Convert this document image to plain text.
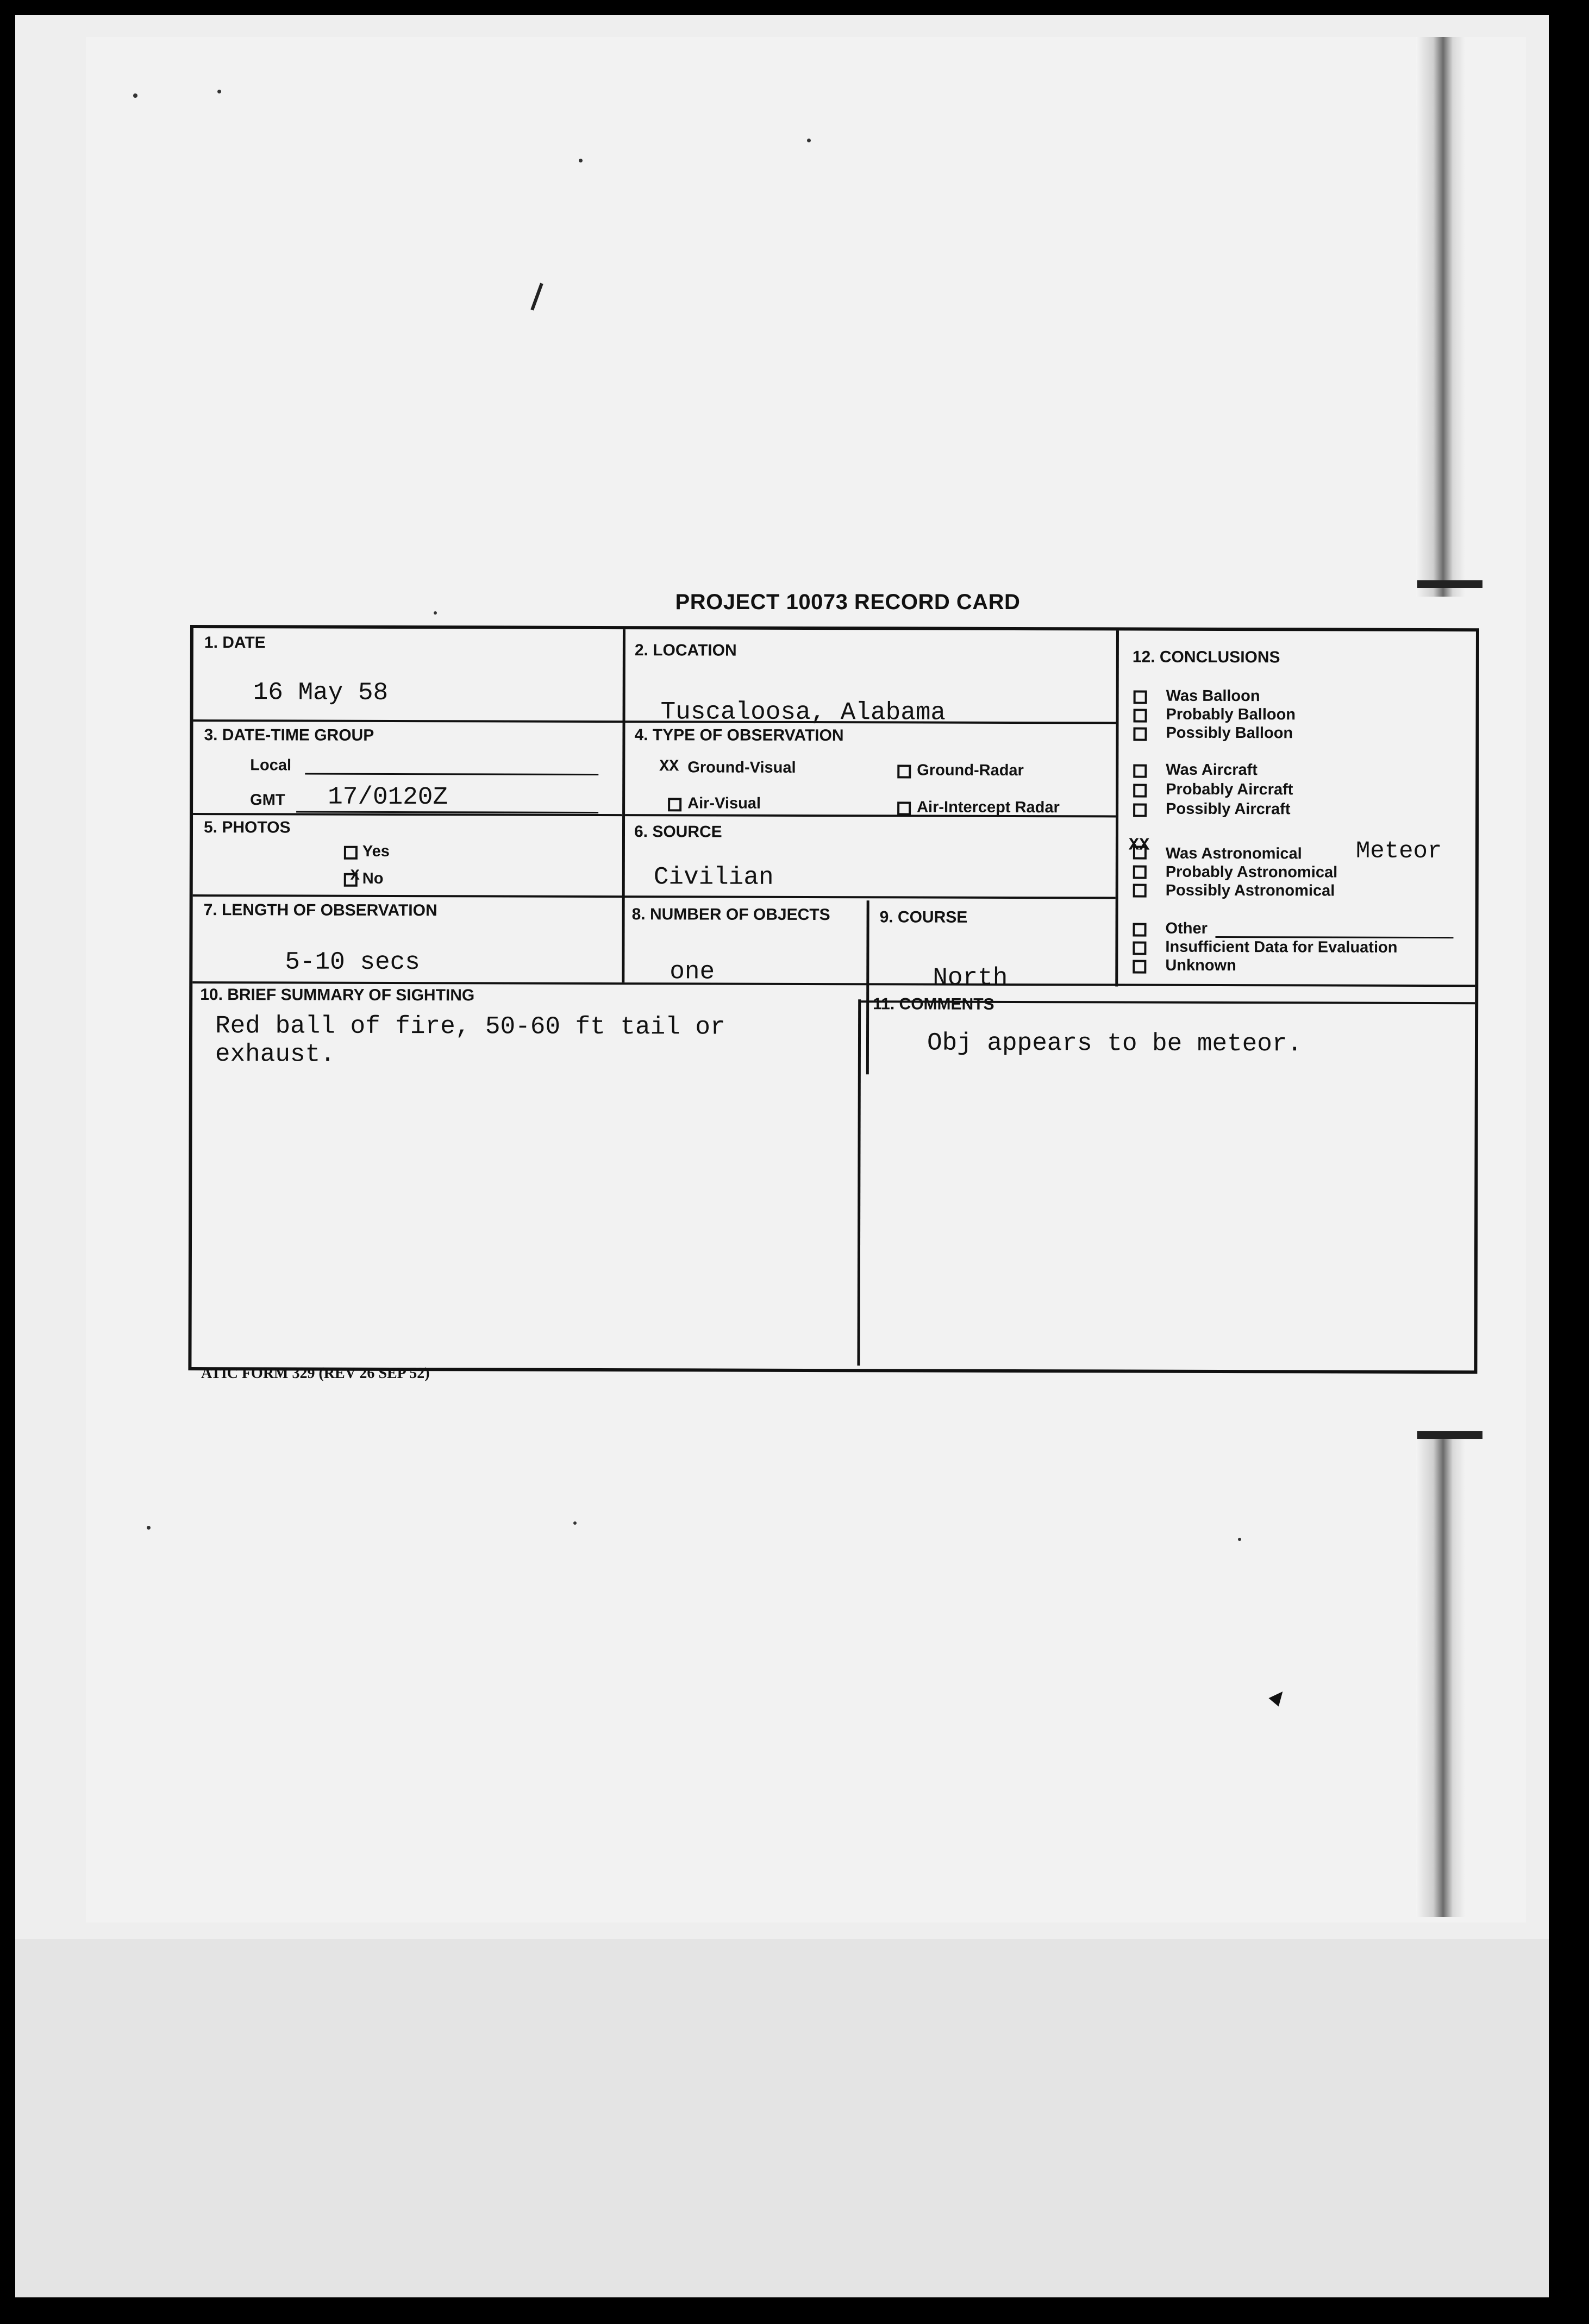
PROJECT 10073 RECORD CARD
1. DATE
16 May 58
2. LOCATION
Tuscaloosa, Alabama
3. DATE-TIME GROUP
Local
GMT 17/0120Z
4. TYPE OF OBSERVATION
XX Ground-Visual	Ground-Radar
Air-Visual	Air-Intercept Radar
5. PHOTOS
Yes
X No
6. SOURCE
Civilian
7. LENGTH OF OBSERVATION
5-10 secs
8. NUMBER OF OBJECTS
one
9. COURSE
North
10. BRIEF SUMMARY OF SIGHTING
Red ball of fire, 50-60 ft tail or
exhaust.
11. COMMENTS
Obj appears to be meteor.
12. CONCLUSIONS
Was Balloon
Probably Balloon
Possibly Balloon
Was Aircraft
Probably Aircraft
Possibly Aircraft
XX Was Astronomical Meteor
Probably Astronomical
Possibly Astronomical
Other
Insufficient Data for Evaluation
Unknown
ATIC FORM 329 (REV 26 SEP 52)
